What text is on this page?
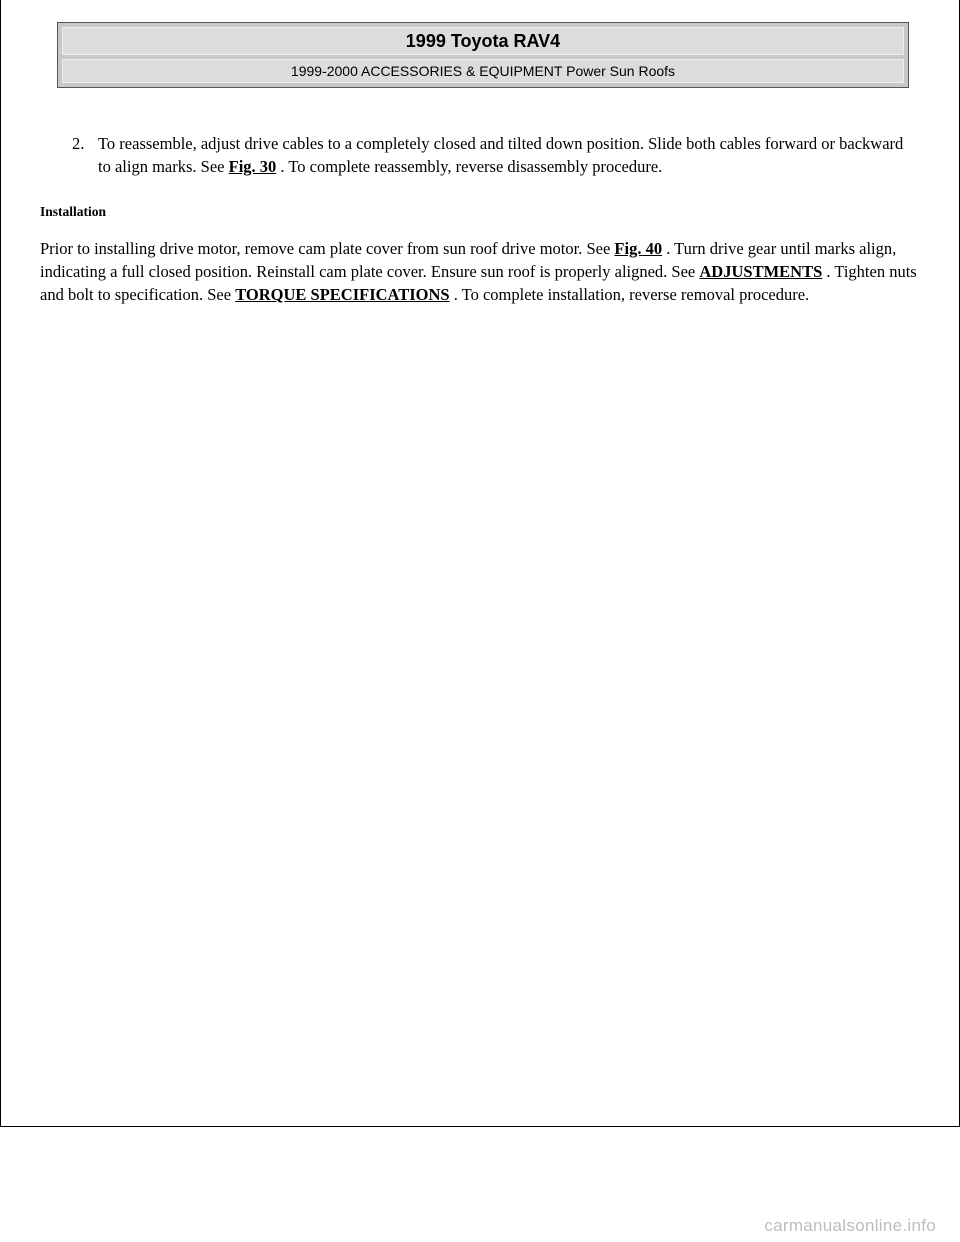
1999 Toyota RAV4
1999-2000 ACCESSORIES & EQUIPMENT Power Sun Roofs
2. To reassemble, adjust drive cables to a completely closed and tilted down position. Slide both cables forward or backward to align marks. See Fig. 30 . To complete reassembly, reverse disassembly procedure.
Installation

Prior to installing drive motor, remove cam plate cover from sun roof drive motor. See Fig. 40 . Turn drive gear until marks align, indicating a full closed position. Reinstall cam plate cover. Ensure sun roof is properly aligned. See ADJUSTMENTS . Tighten nuts and bolt to specification. See TORQUE SPECIFICATIONS . To complete installation, reverse removal procedure.

carmanualsonline.info
